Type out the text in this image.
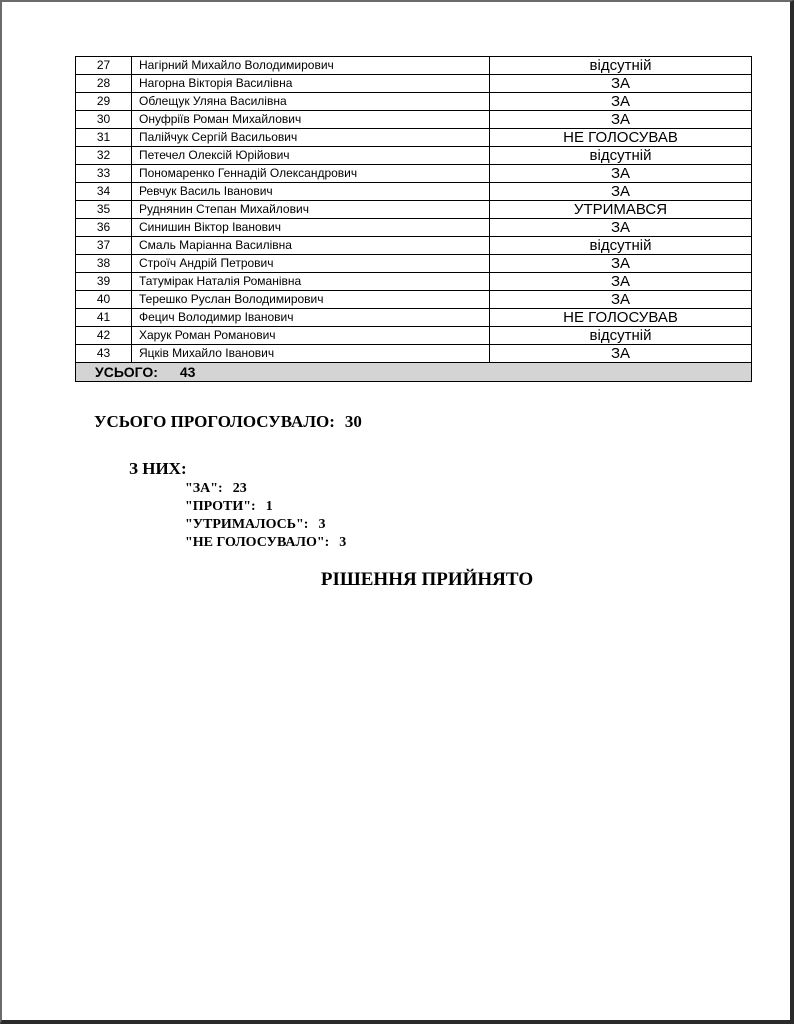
27	Нагірний Михайло Володимирович	відсутній
28	Нагорна Вікторія Василівна	ЗА
29	Облещук Уляна Василівна	ЗА
30	Онуфріїв Роман Михайлович	ЗА
31	Палійчук Сергій Васильович	НЕ ГОЛОСУВАВ
32	Петечел Олексій Юрійович	відсутній
33	Пономаренко Геннадій Олександрович	ЗА
34	Ревчук Василь Іванович	ЗА
35	Руднянин Степан Михайлович	УТРИМАВСЯ
36	Синишин Віктор Іванович	ЗА
37	Смаль Маріанна Василівна	відсутній
38	Строїч Андрій Петрович	ЗА
39	Татумірак Наталія Романівна	ЗА
40	Терешко Руслан Володимирович	ЗА
41	Фецич Володимир Іванович	НЕ ГОЛОСУВАВ
42	Харук Роман Романович	відсутній
43	Яцків Михайло Іванович	ЗА
УСЬОГО: 43		
УСЬОГО ПРОГОЛОСУВАЛО: 30
З НИХ:
"ЗА": 23
"ПРОТИ": 1
"УТРИМАЛОСЬ": 3
"НЕ ГОЛОСУВАЛО": 3
РІШЕННЯ ПРИЙНЯТО
